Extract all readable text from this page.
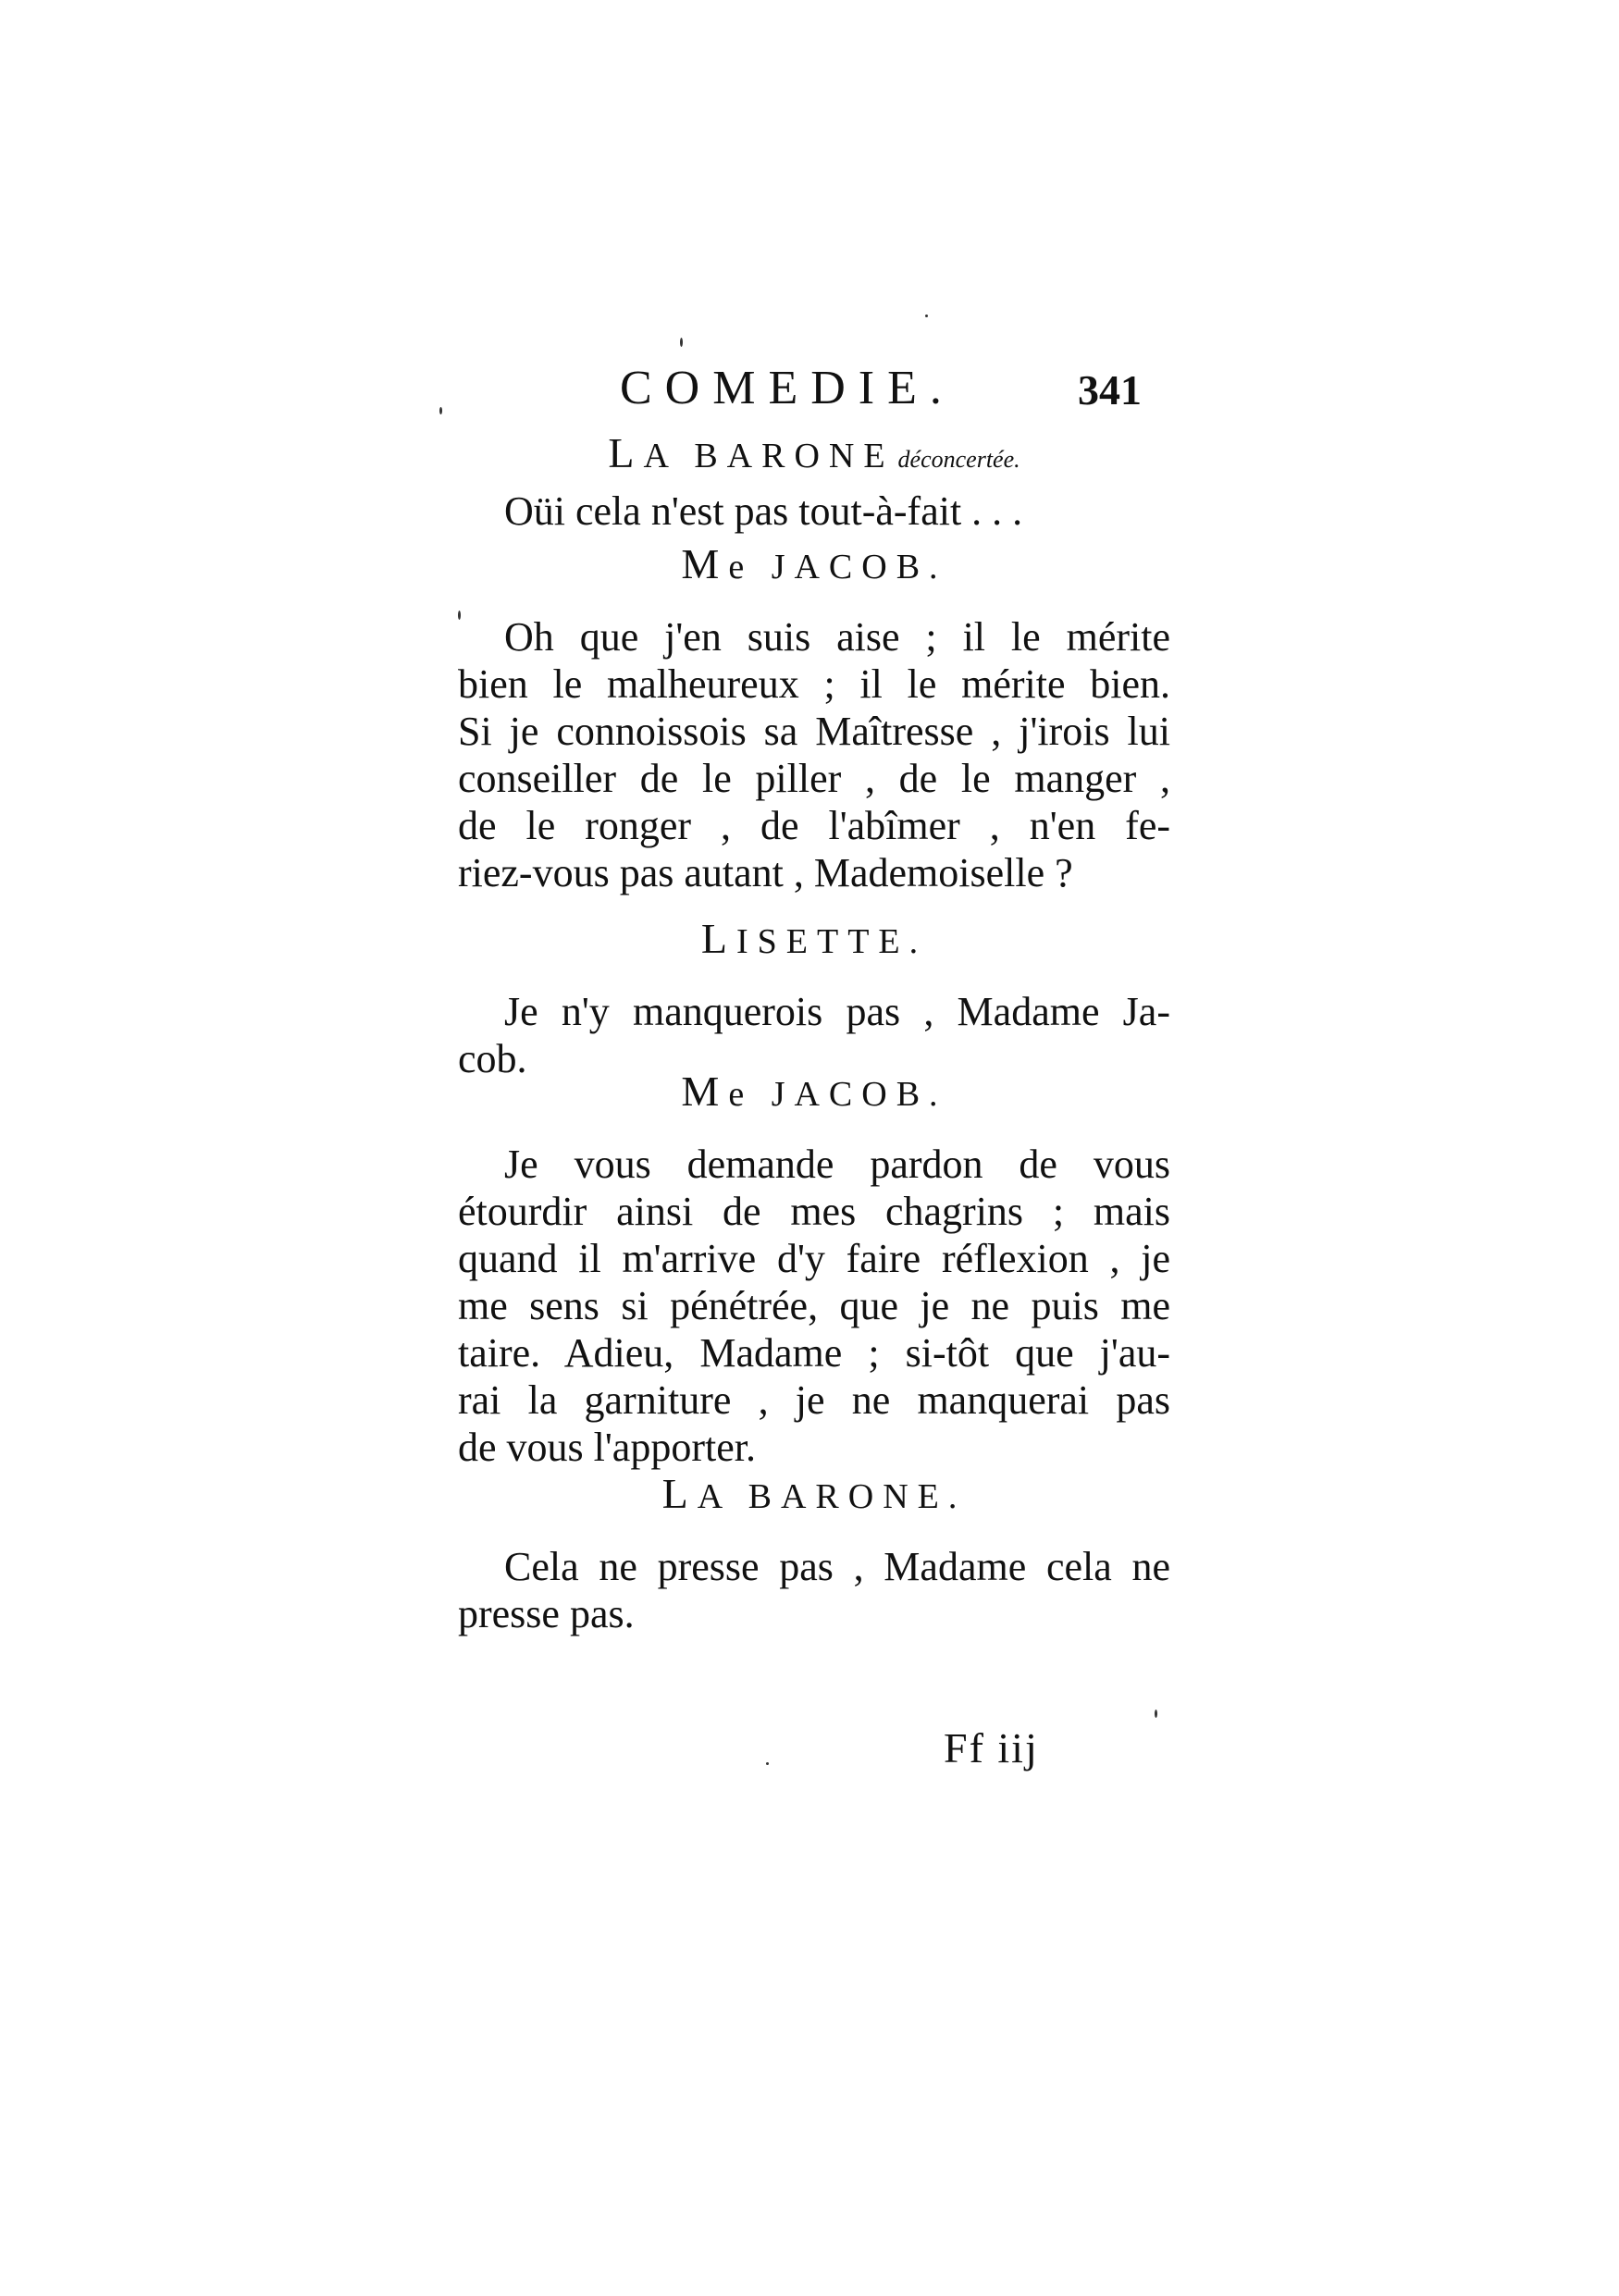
COMEDIE.	341
LA BARONE déconcertée.
Oüi cela n'est pas tout-à-fait . . .
Me JACOB.
Oh que j'en suis aise ; il le mérite
bien le malheureux ; il le mérite bien.
Si je connoissois sa Maîtresse , j'irois lui
conseiller de le piller , de le manger ,
de le ronger , de l'abîmer , n'en fe-
riez-vous pas autant , Mademoiselle ?
LISETTE.
Je n'y manquerois pas , Madame Ja-
cob.
Me JACOB.
Je vous demande pardon de vous
étourdir ainsi de mes chagrins ; mais
quand il m'arrive d'y faire réflexion , je
me sens si pénétrée, que je ne puis me
taire. Adieu, Madame ; si-tôt que j'au-
rai la garniture , je ne manquerai pas
de vous l'apporter.
LA BARONE.
Cela ne presse pas , Madame cela ne
presse pas.
Ff iij
